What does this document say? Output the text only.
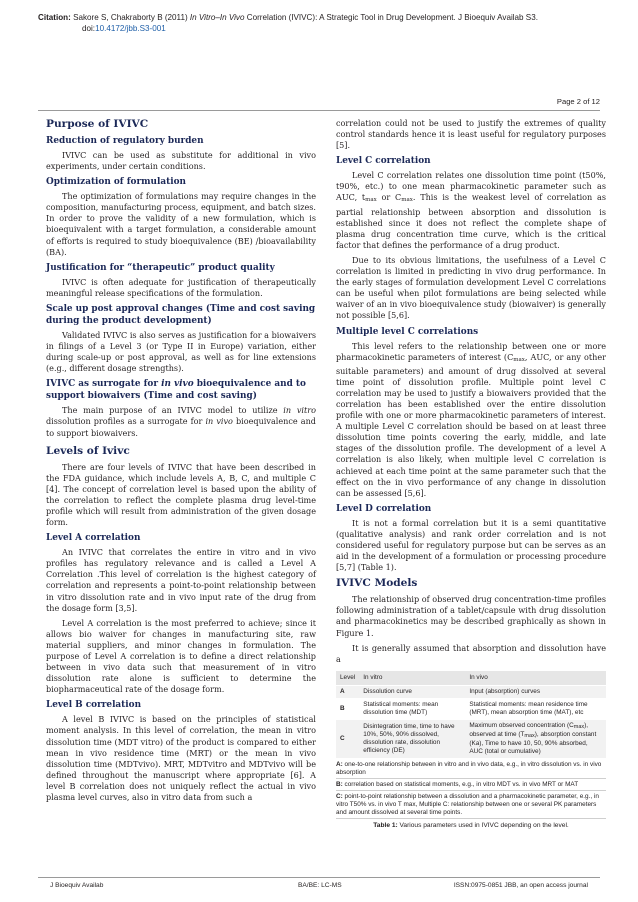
Citation: Sakore S, Chakraborty B (2011) In Vitro–In Vivo Correlation (IVIVC): A Strategic Tool in Drug Development. J Bioequiv Availab S3.
doi:10.4172/jbb.S3-001
Page 2 of 12
Purpose of IVIVC
Reduction of regulatory burden

IVIVC can be used as substitute for additional in vivo experiments, under certain conditions.

Optimization of formulation

The optimization of formulations may require changes in the composition, manufacturing process, equipment, and batch sizes. In order to prove the validity of a new formulation, which is bioequivalent with a target formulation, a considerable amount of efforts is required to study bioequivalence (BE) /bioavailability (BA).

Justification for “therapeutic” product quality

IVIVC is often adequate for justification of therapeutically meaningful release specifications of the formulation.

Scale up post approval changes (Time and cost saving during the product development)

Validated IVIVC is also serves as justification for a biowaivers in filings of a Level 3 (or Type II in Europe) variation, either during scale-up or post approval, as well as for line extensions (e.g., different dosage strengths).

IVIVC as surrogate for in vivo bioequivalence and to support biowaivers (Time and cost saving)

The main purpose of an IVIVC model to utilize in vitro dissolution profiles as a surrogate for in vivo bioequivalence and to support biowaivers.

Levels of Ivivc

There are four levels of IVIVC that have been described in the FDA guidance, which include levels A, B, C, and multiple C [4]. The concept of correlation level is based upon the ability of the correlation to reflect the complete plasma drug level-time profile which will result from administration of the given dosage form.

Level A correlation

An IVIVC that correlates the entire in vitro and in vivo profiles has regulatory relevance and is called a Level A Correlation .This level of correlation is the highest category of correlation and represents a point-to-point relationship between in vitro dissolution rate and in vivo input rate of the drug from the dosage form [3,5].

Level A correlation is the most preferred to achieve; since it allows bio waiver for changes in manufacturing site, raw material suppliers, and minor changes in formulation. The purpose of Level A correlation is to define a direct relationship between in vivo data such that measurement of in vitro dissolution rate alone is sufficient to determine the biopharmaceutical rate of the dosage form.

Level B correlation

A level B IVIVC is based on the principles of statistical moment analysis. In this level of correlation, the mean in vitro dissolution time (MDT vitro) of the product is compared to either mean in vivo residence time (MRT) or the mean in vivo dissolution time (MDTvivo). MRT, MDTvitro and MDTvivo will be defined throughout the manuscript where appropriate [6]. A level B correlation does not uniquely reflect the actual in vivo plasma level curves, also in vitro data from such a

correlation could not be used to justify the extremes of quality control standards hence it is least useful for regulatory purposes [5].

Level C correlation

Level C correlation relates one dissolution time point (t50%, t90%, etc.) to one mean pharmacokinetic parameter such as AUC, $t_{max}$ or $C_{max}$. This is the weakest level of correlation as partial relationship between absorption and dissolution is established since it does not reflect the complete shape of plasma drug concentration time curve, which is the critical factor that defines the performance of a drug product.

Due to its obvious limitations, the usefulness of a Level C correlation is limited in predicting in vivo drug performance. In the early stages of formulation development Level C correlations can be useful when pilot formulations are being selected while waiver of an in vivo bioequivalence study (biowaiver) is generally not possible [5,6].

Multiple level C correlations

This level refers to the relationship between one or more pharmacokinetic parameters of interest ($C_{max}$, AUC, or any other suitable parameters) and amount of drug dissolved at several time point of dissolution profile. Multiple point level C correlation may be used to justify a biowaivers provided that the correlation has been established over the entire dissolution profile with one or more pharmacokinetic parameters of interest. A multiple Level C correlation should be based on at least three dissolution time points covering the early, middle, and late stages of the dissolution profile. The development of a level A correlation is also likely, when multiple level C correlation is achieved at each time point at the same parameter such that the effect on the in vivo performance of any change in dissolution can be assessed [5,6].

Level D correlation

It is not a formal correlation but it is a semi quantitative (qualitative analysis) and rank order correlation and is not considered useful for regulatory purpose but can be serves as an aid in the development of a formulation or processing procedure [5,7] (Table 1).

IVIVC Models

The relationship of observed drug concentration-time profiles following administration of a tablet/capsule with drug dissolution and pharmacokinetics may be described graphically as shown in Figure 1.

It is generally assumed that absorption and dissolution have a

Level	In vitro	In vivo
A	Dissolution curve	Input (absorption) curves
B	Statistical moments: mean dissolution time (MDT)	Statistical moments: mean residence time (MRT), mean absorption time (MAT), etc
C	Disintegration time, time to have 10%, 50%, 90% dissolved, dissolution rate, dissolution efficiency (DE)	Maximum observed concentration $(C_{max})$, observed at time $(T_{max})$, absorption constant (Ka), Time to have 10, 50, 90% absorbed, AUC (total or cumulative)
A: one-to-one relationship between in vitro and in vivo data, e.g., in vitro dissolution vs. in vivo absorption
B: correlation based on statistical moments, e.g., in vitro MDT vs. in vivo MRT or MAT
C: point-to-point relationship between a dissolution and a pharmacokinetic parameter, e.g., in vitro T50% vs. in vivo T max, Multiple C: relationship between one or several PK parameters and amount dissolved at several time points.
Table 1: Various parameters used in IVIVC depending on the level.
J Bioequiv Availab	BA/BE: LC-MS	ISSN:0975-0851 JBB, an open access journal
